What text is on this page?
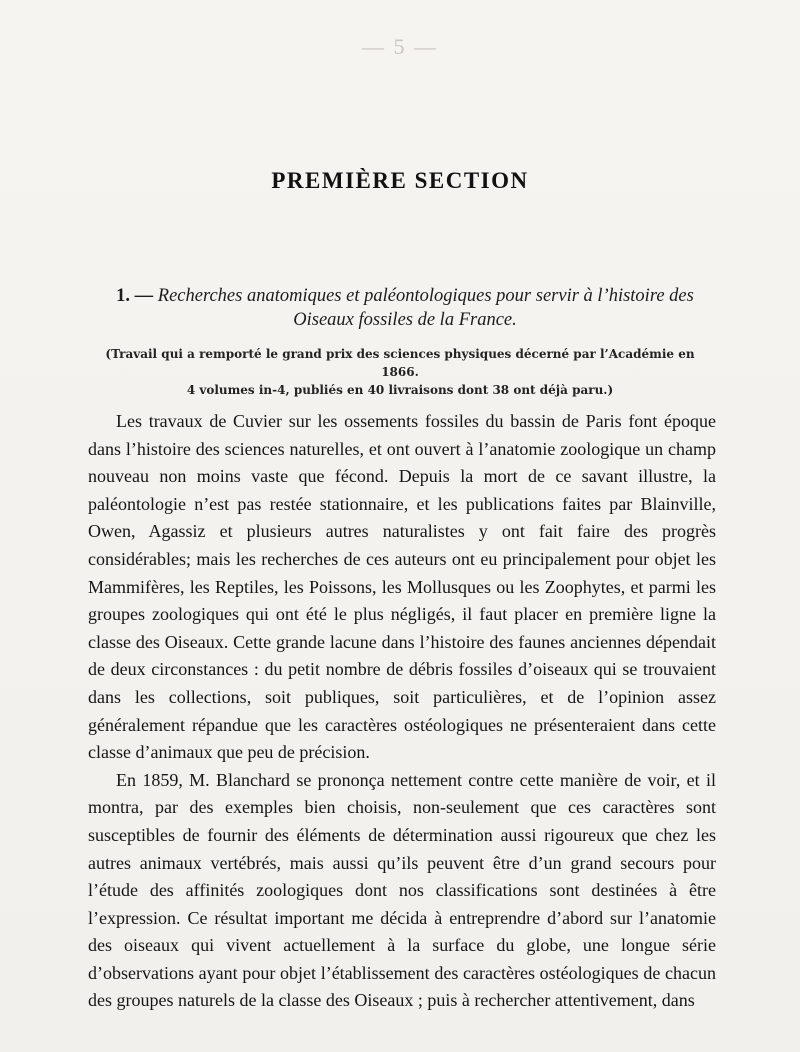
— 5 —
PREMIÈRE SECTION
1. — Recherches anatomiques et paléontologiques pour servir à l’histoire des Oiseaux fossiles de la France.
(Travail qui a remporté le grand prix des sciences physiques décerné par l’Académie en 1866.
4 volumes in-4, publiés en 40 livraisons dont 38 ont déjà paru.)

Les travaux de Cuvier sur les ossements fossiles du bassin de Paris font époque dans l’histoire des sciences naturelles, et ont ouvert à l’anatomie zoologique un champ nouveau non moins vaste que fécond. Depuis la mort de ce savant illustre, la paléontologie n’est pas restée stationnaire, et les publications faites par Blainville, Owen, Agassiz et plusieurs autres naturalistes y ont fait faire des progrès considérables; mais les recherches de ces auteurs ont eu principalement pour objet les Mammifères, les Reptiles, les Poissons, les Mollusques ou les Zoophytes, et parmi les groupes zoologiques qui ont été le plus négligés, il faut placer en première ligne la classe des Oiseaux. Cette grande lacune dans l’histoire des faunes anciennes dépendait de deux circonstances : du petit nombre de débris fossiles d’oiseaux qui se trouvaient dans les collections, soit publiques, soit particulières, et de l’opinion assez généralement répandue que les caractères ostéologiques ne présenteraient dans cette classe d’animaux que peu de précision.

En 1859, M. Blanchard se prononça nettement contre cette manière de voir, et il montra, par des exemples bien choisis, non-seulement que ces caractères sont susceptibles de fournir des éléments de détermination aussi rigoureux que chez les autres animaux vertébrés, mais aussi qu’ils peuvent être d’un grand secours pour l’étude des affinités zoologiques dont nos classifications sont destinées à être l’expression. Ce résultat important me décida à entreprendre d’abord sur l’anatomie des oiseaux qui vivent actuellement à la surface du globe, une longue série d’observations ayant pour objet l’établissement des caractères ostéologiques de chacun des groupes naturels de la classe des Oiseaux ; puis à rechercher attentivement, dans
